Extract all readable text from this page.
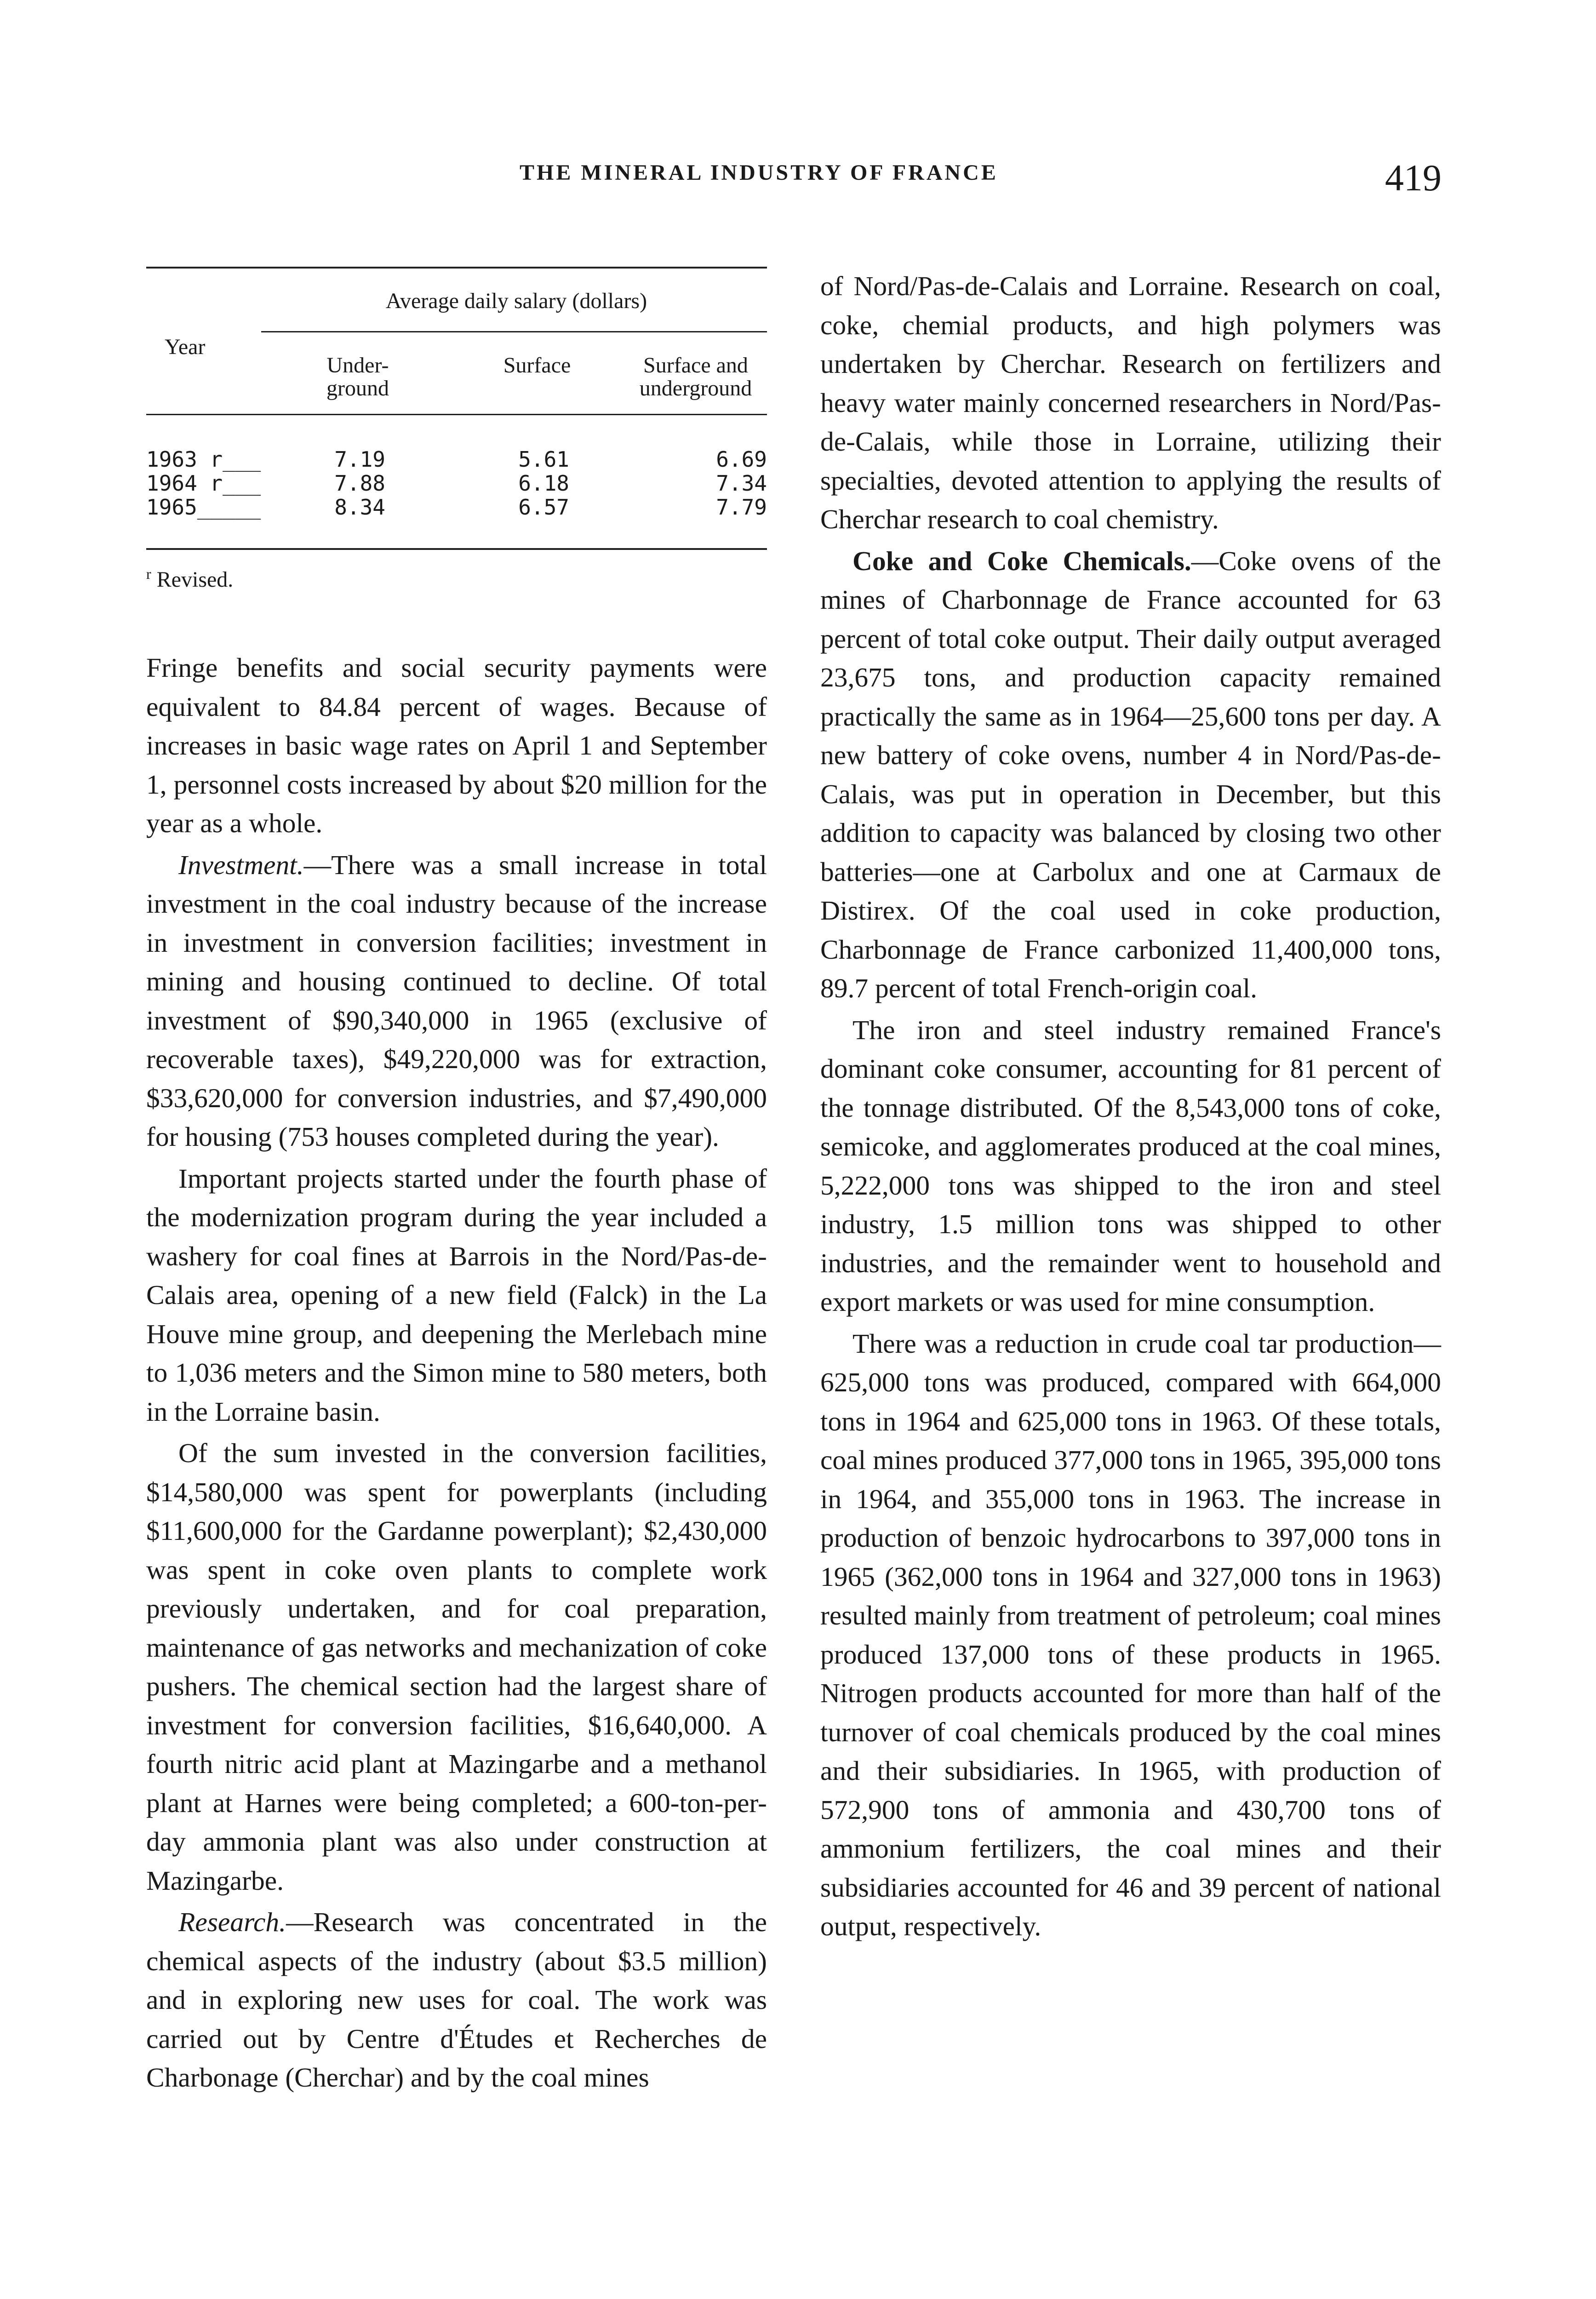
THE MINERAL INDUSTRY OF FRANCE	419
Year
Average daily salary (dollars)
Under-
ground
Surface	Surface and
underground
1963 r___	7.19	5.61	6.69
1964 r___	7.88	6.18	7.34
1965_____	8.34	6.57	7.79
$^r$ Revised.

Fringe benefits and social security payments were equivalent to 84.84 percent of wages. Because of increases in basic wage rates on April 1 and September 1, personnel costs increased by about $20 million for the year as a whole.

Investment.—There was a small increase in total investment in the coal industry because of the increase in investment in conversion facilities; investment in mining and housing continued to decline. Of total investment of $90,340,000 in 1965 (exclusive of recoverable taxes), $49,220,000 was for extraction, $33,620,000 for conversion industries, and $7,490,000 for housing (753 houses completed during the year).

Important projects started under the fourth phase of the modernization program during the year included a washery for coal fines at Barrois in the Nord/Pas-de-Calais area, opening of a new field (Falck) in the La Houve mine group, and deepening the Merlebach mine to 1,036 meters and the Simon mine to 580 meters, both in the Lorraine basin.

Of the sum invested in the conversion facilities, $14,580,000 was spent for powerplants (including $11,600,000 for the Gardanne powerplant); $2,430,000 was spent in coke oven plants to complete work previously undertaken, and for coal preparation, maintenance of gas networks and mechanization of coke pushers. The chemical section had the largest share of investment for conversion facilities, $16,640,000. A fourth nitric acid plant at Mazingarbe and a methanol plant at Harnes were being completed; a 600-ton-per-day ammonia plant was also under construction at Mazingarbe.

Research.—Research was concentrated in the chemical aspects of the industry (about $3.5 million) and in exploring new uses for coal. The work was carried out by Centre d'Études et Recherches de Charbonage (Cherchar) and by the coal mines

of Nord/Pas-de-Calais and Lorraine. Research on coal, coke, chemial products, and high polymers was undertaken by Cherchar. Research on fertilizers and heavy water mainly concerned researchers in Nord/Pas-de-Calais, while those in Lorraine, utilizing their specialties, devoted attention to applying the results of Cherchar research to coal chemistry.

Coke and Coke Chemicals.—Coke ovens of the mines of Charbonnage de France accounted for 63 percent of total coke output. Their daily output averaged 23,675 tons, and production capacity remained practically the same as in 1964—25,600 tons per day. A new battery of coke ovens, number 4 in Nord/Pas-de-Calais, was put in operation in December, but this addition to capacity was balanced by closing two other batteries—one at Carbolux and one at Carmaux de Distirex. Of the coal used in coke production, Charbonnage de France carbonized 11,400,000 tons, 89.7 percent of total French-origin coal.

The iron and steel industry remained France's dominant coke consumer, accounting for 81 percent of the tonnage distributed. Of the 8,543,000 tons of coke, semicoke, and agglomerates produced at the coal mines, 5,222,000 tons was shipped to the iron and steel industry, 1.5 million tons was shipped to other industries, and the remainder went to household and export markets or was used for mine consumption.

There was a reduction in crude coal tar production—625,000 tons was produced, compared with 664,000 tons in 1964 and 625,000 tons in 1963. Of these totals, coal mines produced 377,000 tons in 1965, 395,000 tons in 1964, and 355,000 tons in 1963. The increase in production of benzoic hydrocarbons to 397,000 tons in 1965 (362,000 tons in 1964 and 327,000 tons in 1963) resulted mainly from treatment of petroleum; coal mines produced 137,000 tons of these products in 1965. Nitrogen products accounted for more than half of the turnover of coal chemicals produced by the coal mines and their subsidiaries. In 1965, with production of 572,900 tons of ammonia and 430,700 tons of ammonium fertilizers, the coal mines and their subsidiaries accounted for 46 and 39 percent of national output, respectively.
